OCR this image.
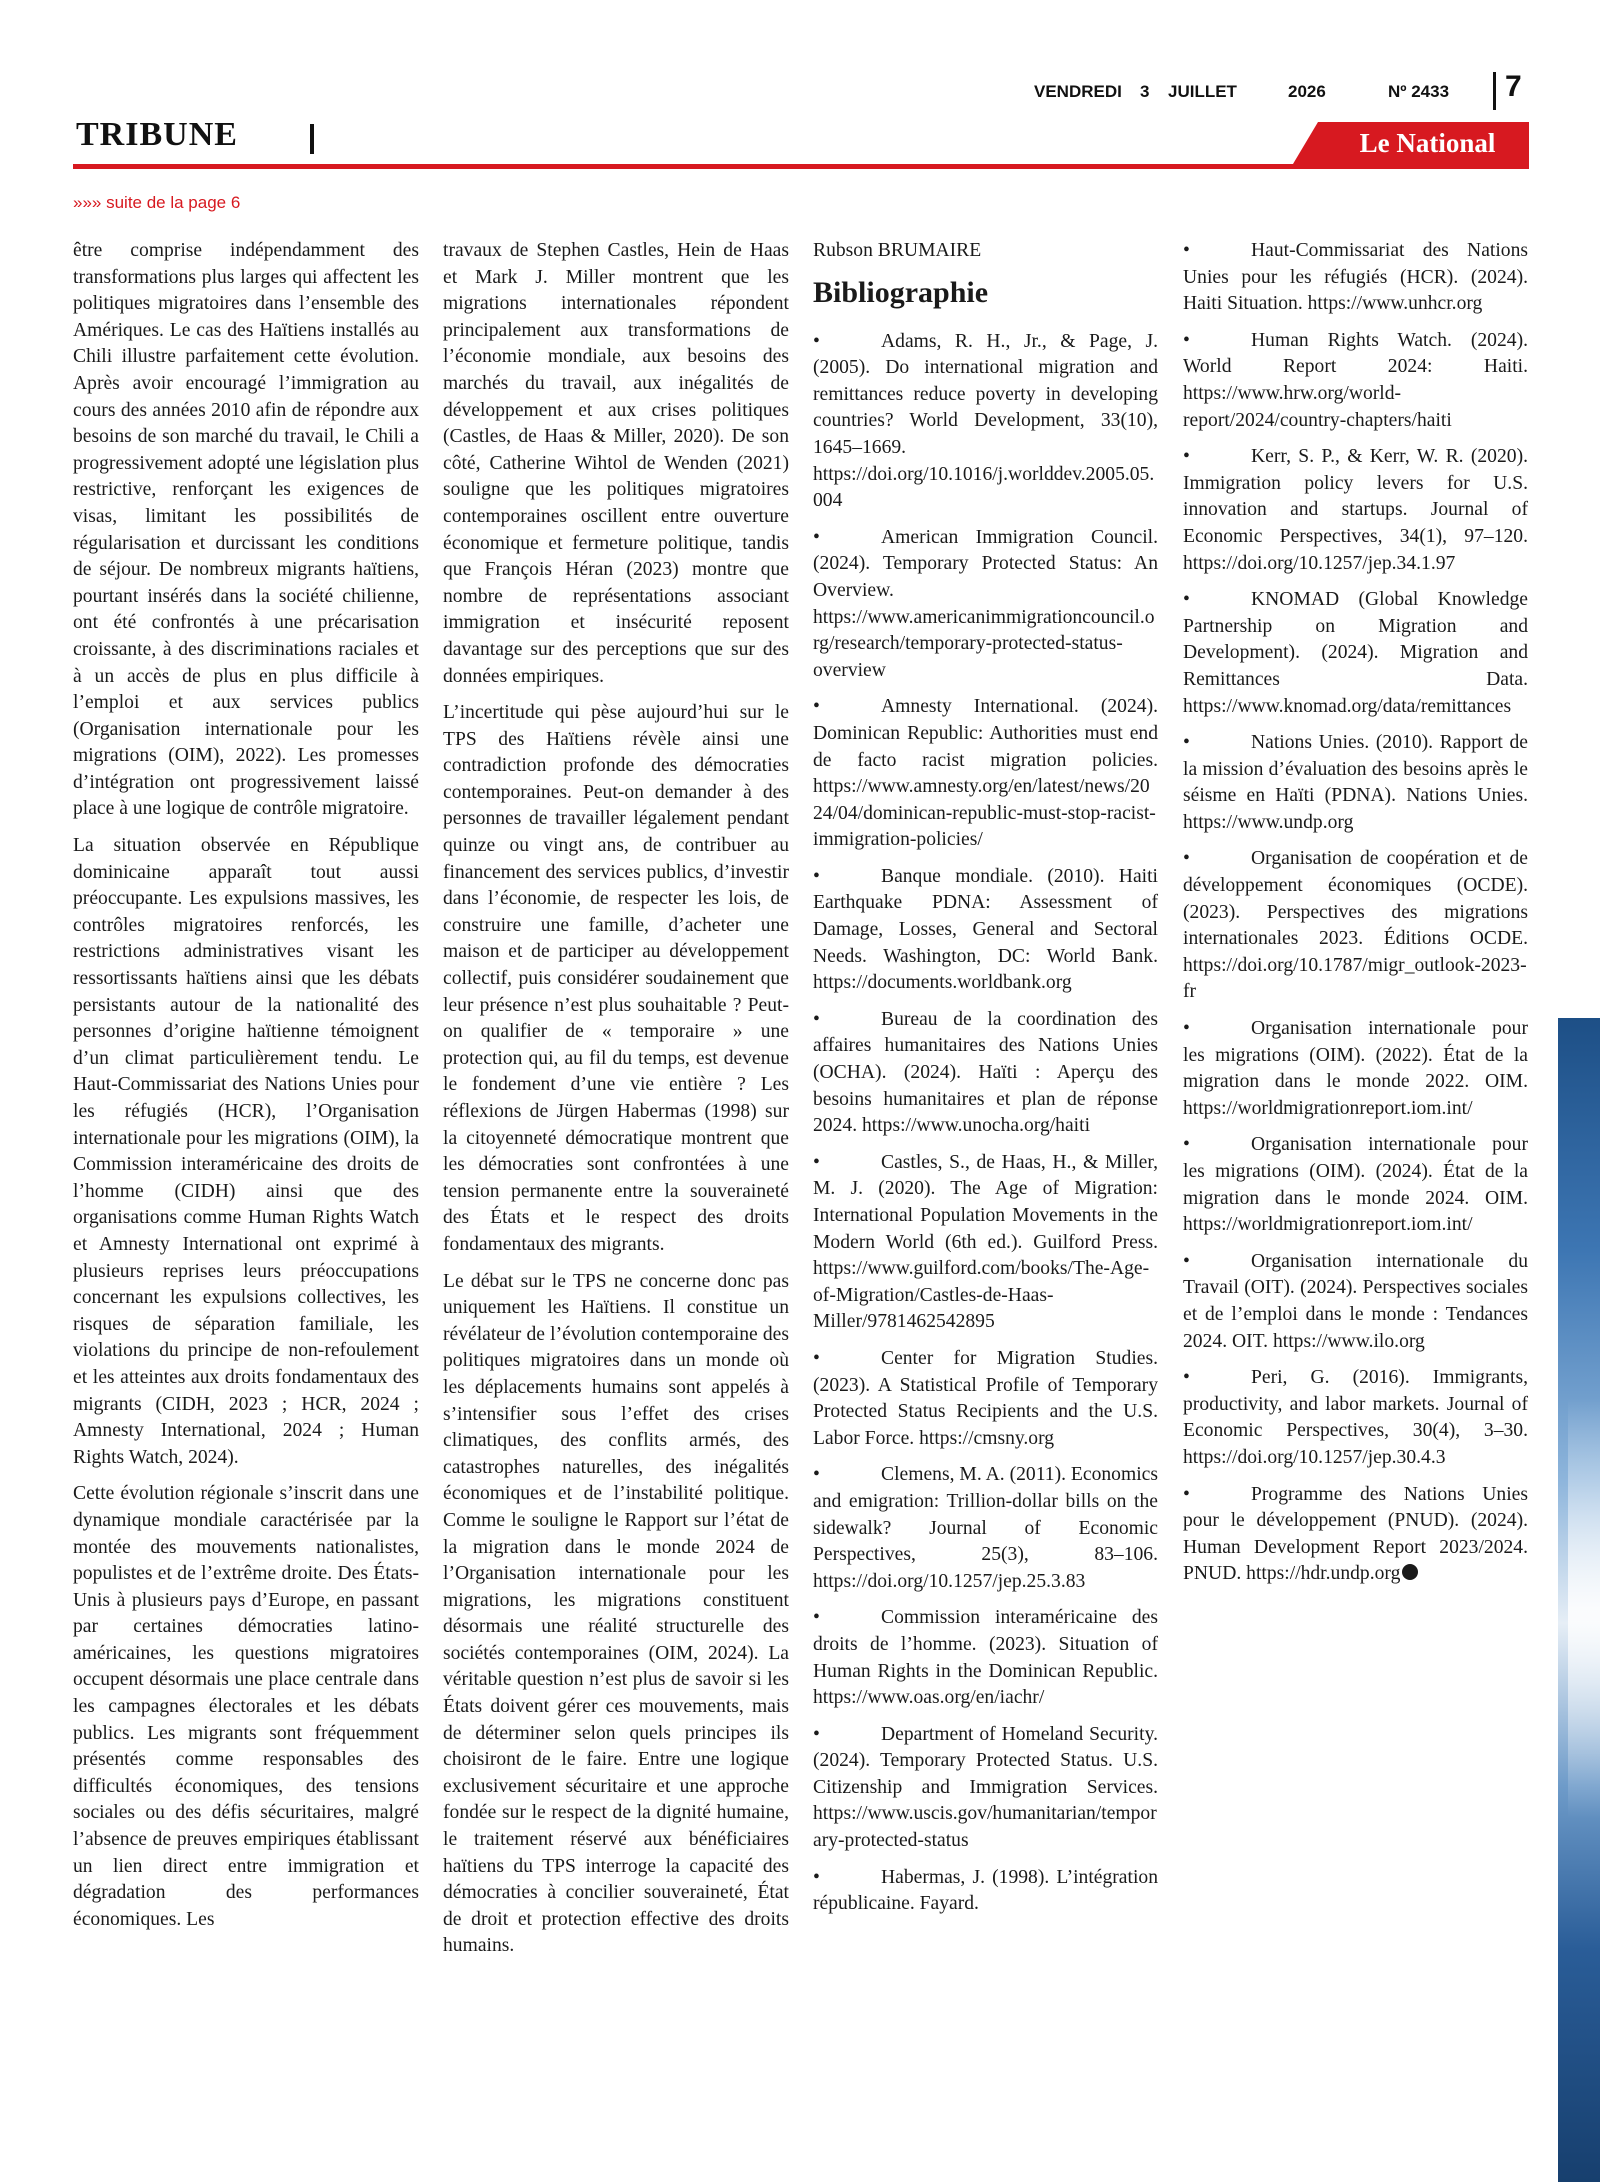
VENDREDI 3 JUILLET	2026	Nº 2433 7
TRIBUNE	Le National
»»» suite de la page 6

être comprise indépendamment des transformations plus larges qui affectent les politiques migratoires dans l’ensemble des Amériques. Le cas des Haïtiens installés au Chili illustre parfaitement cette évolution. Après avoir encouragé l’immigration au cours des années 2010 afin de répondre aux besoins de son marché du travail, le Chili a progressivement adopté une législation plus restrictive, renforçant les exigences de visas, limitant les possibilités de régularisation et durcissant les conditions de séjour. De nombreux migrants haïtiens, pourtant insérés dans la société chilienne, ont été confrontés à une précarisation croissante, à des discriminations raciales et à un accès de plus en plus difficile à l’emploi et aux services publics (Organisation internationale pour les migrations (OIM), 2022). Les promesses d’intégration ont progressivement laissé place à une logique de contrôle migratoire.

La situation observée en République dominicaine apparaît tout aussi préoccupante. Les expulsions massives, les contrôles migratoires renforcés, les restrictions administratives visant les ressortissants haïtiens ainsi que les débats persistants autour de la nationalité des personnes d’origine haïtienne témoignent d’un climat particulièrement tendu. Le Haut-Commissariat des Nations Unies pour les réfugiés (HCR), l’Organisation internationale pour les migrations (OIM), la Commission interaméricaine des droits de l’homme (CIDH) ainsi que des organisations comme Human Rights Watch et Amnesty International ont exprimé à plusieurs reprises leurs préoccupations concernant les expulsions collectives, les risques de séparation familiale, les violations du principe de non-refoulement et les atteintes aux droits fondamentaux des migrants (CIDH, 2023 ; HCR, 2024 ; Amnesty International, 2024 ; Human Rights Watch, 2024).

Cette évolution régionale s’inscrit dans une dynamique mondiale caractérisée par la montée des mouvements nationalistes, populistes et de l’extrême droite. Des États-Unis à plusieurs pays d’Europe, en passant par certaines démocraties latino-américaines, les questions migratoires occupent désormais une place centrale dans les campagnes électorales et les débats publics. Les migrants sont fréquemment présentés comme responsables des difficultés économiques, des tensions sociales ou des défis sécuritaires, malgré l’absence de preuves empiriques établissant un lien direct entre immigration et dégradation des performances économiques. Les

travaux de Stephen Castles, Hein de Haas et Mark J. Miller montrent que les migrations internationales répondent principalement aux transformations de l’économie mondiale, aux besoins des marchés du travail, aux inégalités de développement et aux crises politiques (Castles, de Haas & Miller, 2020). De son côté, Catherine Wihtol de Wenden (2021) souligne que les politiques migratoires contemporaines oscillent entre ouverture économique et fermeture politique, tandis que François Héran (2023) montre que nombre de représentations associant immigration et insécurité reposent davantage sur des perceptions que sur des données empiriques.

L’incertitude qui pèse aujourd’hui sur le TPS des Haïtiens révèle ainsi une contradiction profonde des démocraties contemporaines. Peut-on demander à des personnes de travailler légalement pendant quinze ou vingt ans, de contribuer au financement des services publics, d’investir dans l’économie, de respecter les lois, de construire une famille, d’acheter une maison et de participer au développement collectif, puis considérer soudainement que leur présence n’est plus souhaitable ? Peut-on qualifier de « temporaire » une protection qui, au fil du temps, est devenue le fondement d’une vie entière ? Les réflexions de Jürgen Habermas (1998) sur la citoyenneté démocratique montrent que les démocraties sont confrontées à une tension permanente entre la souveraineté des États et le respect des droits fondamentaux des migrants.

Le débat sur le TPS ne concerne donc pas uniquement les Haïtiens. Il constitue un révélateur de l’évolution contemporaine des politiques migratoires dans un monde où les déplacements humains sont appelés à s’intensifier sous l’effet des crises climatiques, des conflits armés, des catastrophes naturelles, des inégalités économiques et de l’instabilité politique. Comme le souligne le Rapport sur l’état de la migration dans le monde 2024 de l’Organisation internationale pour les migrations, les migrations constituent désormais une réalité structurelle des sociétés contemporaines (OIM, 2024). La véritable question n’est plus de savoir si les États doivent gérer ces mouvements, mais de déterminer selon quels principes ils choisiront de le faire. Entre une logique exclusivement sécuritaire et une approche fondée sur le respect de la dignité humaine, le traitement réservé aux bénéficiaires haïtiens du TPS interroge la capacité des démocraties à concilier souveraineté, État de droit et protection effective des droits humains.

Rubson BRUMAIRE

Bibliographie

•	Adams, R. H., Jr., & Page, J. (2005). Do international migration and remittances reduce poverty in developing countries? World Development, 33(10), 1645–1669. https://doi.org/10.1016/j.worlddev.2005.05.004

•	American Immigration Council. (2024). Temporary Protected Status: An Overview. https://www.americanimmigrationcouncil.org/research/temporary-protected-status-overview

•	Amnesty International. (2024). Dominican Republic: Authorities must end de facto racist migration policies. https://www.amnesty.org/en/latest/news/2024/04/dominican-republic-must-stop-racist-immigration-policies/

•	Banque mondiale. (2010). Haiti Earthquake PDNA: Assessment of Damage, Losses, General and Sectoral Needs. Washington, DC: World Bank. https://documents.worldbank.org

•	Bureau de la coordination des affaires humanitaires des Nations Unies (OCHA). (2024). Haïti : Aperçu des besoins humanitaires et plan de réponse 2024. https://www.unocha.org/haiti

•	Castles, S., de Haas, H., & Miller, M. J. (2020). The Age of Migration: International Population Movements in the Modern World (6th ed.). Guilford Press. https://www.guilford.com/books/The-Age-of-Migration/Castles-de-Haas-Miller/9781462542895

•	Center for Migration Studies. (2023). A Statistical Profile of Temporary Protected Status Recipients and the U.S. Labor Force. https://cmsny.org

•	Clemens, M. A. (2011). Economics and emigration: Trillion-dollar bills on the sidewalk? Journal of Economic Perspectives, 25(3), 83–106. https://doi.org/10.1257/jep.25.3.83

•	Commission interaméricaine des droits de l’homme. (2023). Situation of Human Rights in the Dominican Republic. https://www.oas.org/en/iachr/

•	Department of Homeland Security. (2024). Temporary Protected Status. U.S. Citizenship and Immigration Services. https://www.uscis.gov/humanitarian/temporary-protected-status

•	Habermas, J. (1998). L’intégration républicaine. Fayard.

•	Haut-Commissariat des Nations Unies pour les réfugiés (HCR). (2024). Haiti Situation. https://www.unhcr.org

•	Human Rights Watch. (2024). World Report 2024: Haiti. https://www.hrw.org/world-report/2024/country-chapters/haiti

•	Kerr, S. P., & Kerr, W. R. (2020). Immigration policy levers for U.S. innovation and startups. Journal of Economic Perspectives, 34(1), 97–120. https://doi.org/10.1257/jep.34.1.97

•	KNOMAD (Global Knowledge Partnership on Migration and Development). (2024). Migration and Remittances Data. https://www.knomad.org/data/remittances

•	Nations Unies. (2010). Rapport de la mission d’évaluation des besoins après le séisme en Haïti (PDNA). Nations Unies. https://www.undp.org

•	Organisation de coopération et de développement économiques (OCDE). (2023). Perspectives des migrations internationales 2023. Éditions OCDE. https://doi.org/10.1787/migr_outlook-2023-fr

•	Organisation internationale pour les migrations (OIM). (2022). État de la migration dans le monde 2022. OIM. https://worldmigrationreport.iom.int/

•	Organisation internationale pour les migrations (OIM). (2024). État de la migration dans le monde 2024. OIM. https://worldmigrationreport.iom.int/

•	Organisation internationale du Travail (OIT). (2024). Perspectives sociales et de l’emploi dans le monde : Tendances 2024. OIT. https://www.ilo.org

•	Peri, G. (2016). Immigrants, productivity, and labor markets. Journal of Economic Perspectives, 30(4), 3–30. https://doi.org/10.1257/jep.30.4.3

•	Programme des Nations Unies pour le développement (PNUD). (2024). Human Development Report 2023/2024. PNUD. https://hdr.undp.org
